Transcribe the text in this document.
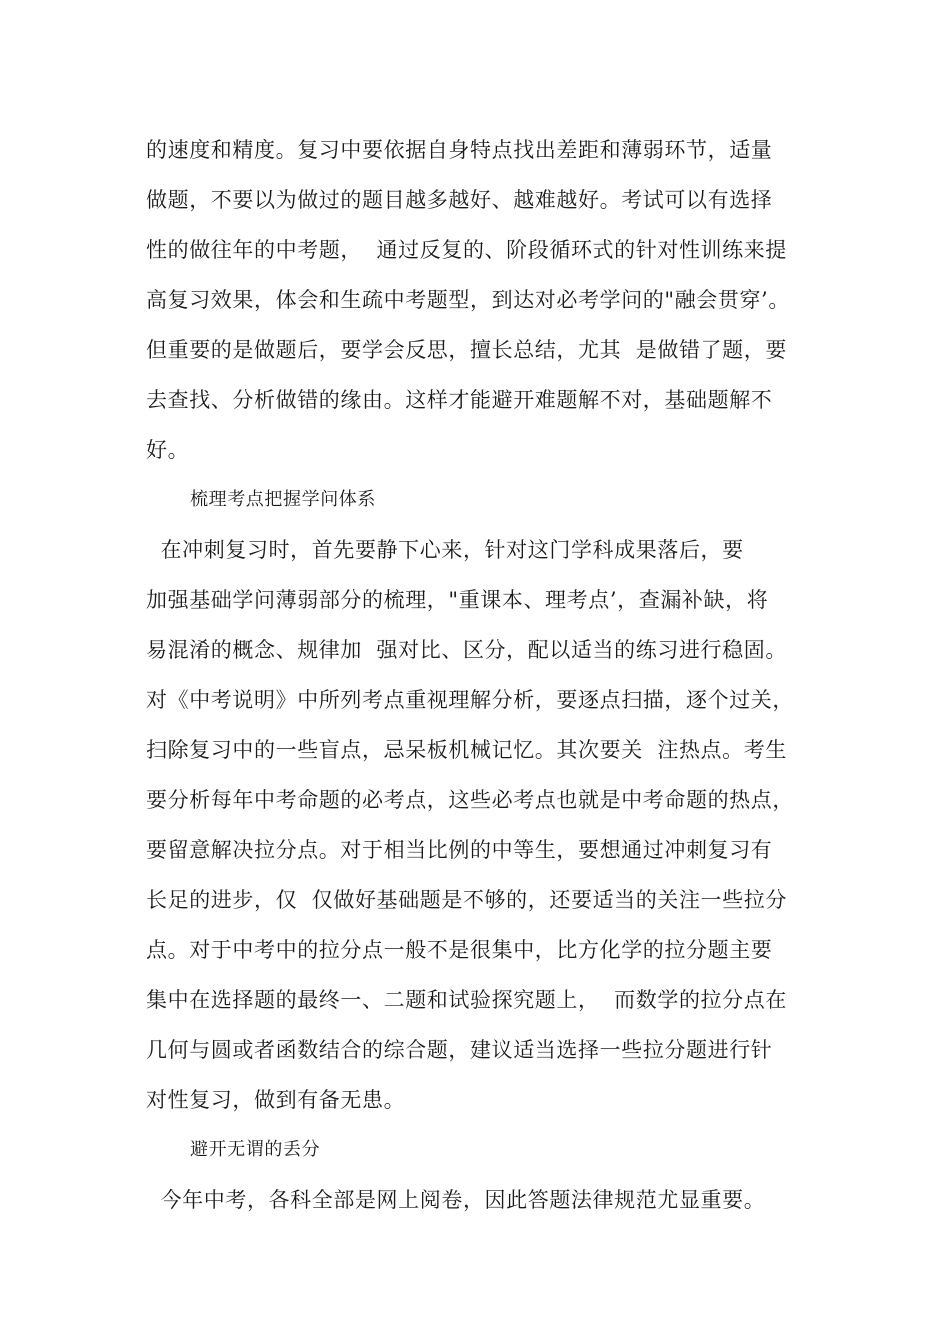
的速度和精度。复习中要依据自身特点找出差距和薄弱环节，适量
做题，不要以为做过的题目越多越好、越难越好。考试可以有选择
性的做往年的中考题，  通过反复的、阶段循环式的针对性训练来提
高复习效果，体会和生疏中考题型，到达对必考学问的"融会贯穿’。
但重要的是做题后，要学会反思，擅长总结，尤其  是做错了题，要
去查找、分析做错的缘由。这样才能避开难题解不对，基础题解不
好。
梳理考点把握学问体系
在冲刺复习时，首先要静下心来，针对这门学科成果落后，要
加强基础学问薄弱部分的梳理，"重课本、理考点’，查漏补缺，将
易混淆的概念、规律加  强对比、区分，配以适当的练习进行稳固。
对《中考说明》中所列考点重视理解分析，要逐点扫描，逐个过关，
扫除复习中的一些盲点，忌呆板机械记忆。其次要关  注热点。考生
要分析每年中考命题的必考点，这些必考点也就是中考命题的热点，
要留意解决拉分点。对于相当比例的中等生，要想通过冲刺复习有
长足的进步，仅  仅做好基础题是不够的，还要适当的关注一些拉分
点。对于中考中的拉分点一般不是很集中，比方化学的拉分题主要
集中在选择题的最终一、二题和试验探究题上，  而数学的拉分点在
几何与圆或者函数结合的综合题，建议适当选择一些拉分题进行针
对性复习，做到有备无患。
避开无谓的丢分
今年中考，各科全部是网上阅卷，因此答题法律规范尤显重要。
